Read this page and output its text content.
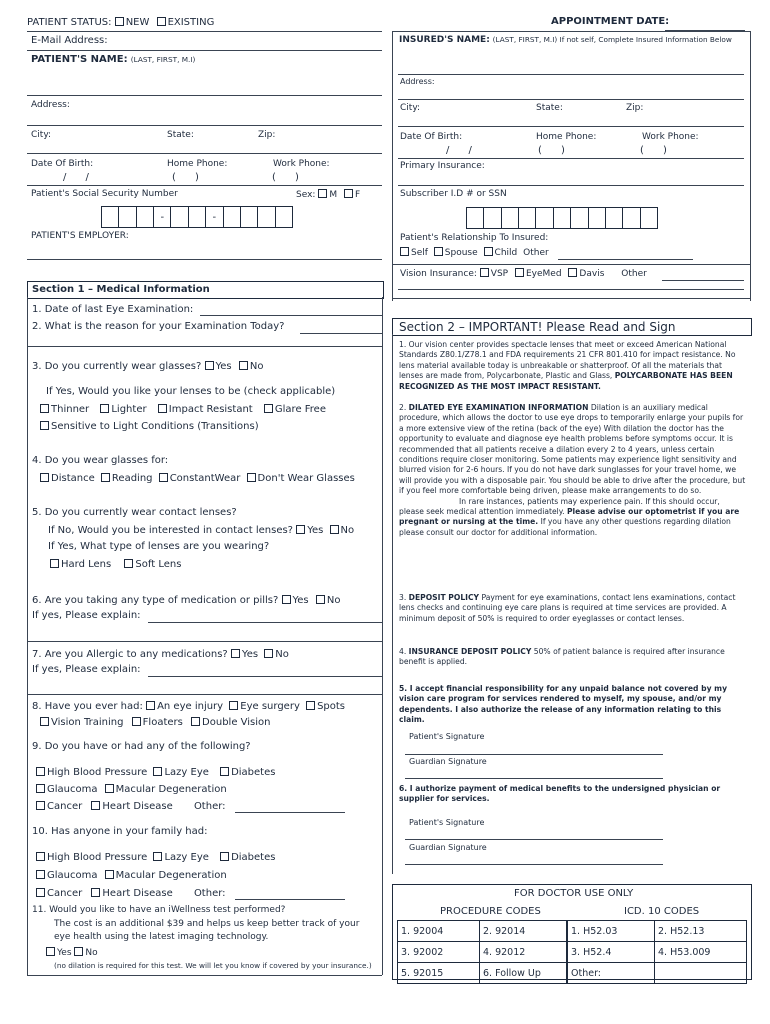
PATIENT STATUS: NEW EXISTING	APPOINTMENT DATE:
E-Mail Address:
PATIENT'S NAME: (LAST, FIRST, M.I)
Address:
City:	State:	Zip:
Date Of Birth:	Home Phone:	Work Phone:
/      /	(      )	(      )
Patient's Social Security Number	Sex: M F
-	-
PATIENT'S EMPLOYER:
INSURED'S NAME: (LAST, FIRST, M.I) If not self, Complete Insured Information Below
Address:
City:	State:	Zip:
Date Of Birth:	Home Phone:	Work Phone:
/      /	(      )	(      )
Primary Insurance:
Subscriber I.D # or SSN
Patient's Relationship To Insured:
Self Spouse Child Other
Vision Insurance: VSP EyeMed Davis Other
Section 1 – Medical Information
1. Date of last Eye Examination:
2. What is the reason for your Examination Today?
3. Do you currently wear glasses? Yes No
If Yes, Would you like your lenses to be (check applicable)
Thinner Lighter Impact Resistant Glare Free
Sensitive to Light Conditions (Transitions)
4. Do you wear glasses for:
Distance Reading ConstantWear Don't Wear Glasses
5. Do you currently wear contact lenses?
If No, Would you be interested in contact lenses? Yes No
If Yes, What type of lenses are you wearing?
Hard Lens Soft Lens
6. Are you taking any type of medication or pills? Yes No
If yes, Please explain:
7. Are you Allergic to any medications? Yes No
If yes, Please explain:
8. Have you ever had: An eye injury Eye surgery Spots
Vision Training Floaters Double Vision
9. Do you have or had any of the following?
High Blood Pressure Lazy Eye Diabetes
Glaucoma Macular Degeneration
Cancer Heart Disease Other:
10. Has anyone in your family had:
High Blood Pressure Lazy Eye Diabetes
Glaucoma Macular Degeneration
Cancer Heart Disease Other:
11. Would you like to have an iWellness test performed?
The cost is an additional $39 and helps us keep better track of your
eye health using the latest imaging technology.
Yes No
(no dilation is required for this test. We will let you know if covered by your insurance.)
Section 2 – IMPORTANT! Please Read and Sign
1. Our vision center provides spectacle lenses that meet or exceed American National Standards Z80.1/Z78.1 and FDA requirements 21 CFR 801.410 for impact resistance. No lens material available today is unbreakable or shatterproof. Of all the materials that lenses are made from, Polycarbonate, Plastic and Glass, POLYCARBONATE HAS BEEN RECOGNIZED AS THE MOST IMPACT RESISTANT.
2. DILATED EYE EXAMINATION INFORMATION Dilation is an auxiliary medical procedure, which allows the doctor to use eye drops to temporarily enlarge your pupils for a more extensive view of the retina (back of the eye) With dilation the doctor has the opportunity to evaluate and diagnose eye health problems before symptoms occur. It is recommended that all patients receive a dilation every 2 to 4 years, unless certain conditions require closer monitoring. Some patients may experience light sensitivity and blurred vision for 2-6 hours. If you do not have dark sunglasses for your travel home, we will provide you with a disposable pair. You should be able to drive after the procedure, but if you feel more comfortable being driven, please make arrangements to do so.
In rare instances, patients may experience pain. If this should occur, please seek medical attention immediately. Please advise our optometrist if you are pregnant or nursing at the time. If you have any other questions regarding dilation please consult our doctor for additional information.
3. DEPOSIT POLICY Payment for eye examinations, contact lens examinations, contact lens checks and continuing eye care plans is required at time services are provided. A minimum deposit of 50% is required to order eyeglasses or contact lenses.
4. INSURANCE DEPOSIT POLICY 50% of patient balance is required after insurance benefit is applied.
5. I accept financial responsibility for any unpaid balance not covered by my vision care program for services rendered to myself, my spouse, and/or my dependents. I also authorize the release of any information relating to this claim.
Patient's Signature
Guardian Signature
6. I authorize payment of medical benefits to the undersigned physician or supplier for services.
Patient's Signature
Guardian Signature
FOR DOCTOR USE ONLY
PROCEDURE CODES	ICD. 10 CODES
1. 92004	2. 92014	1. H52.03	2. H52.13
3. 92002	4. 92012	3. H52.4	4. H53.009
5. 92015	6. Follow Up	Other:	
